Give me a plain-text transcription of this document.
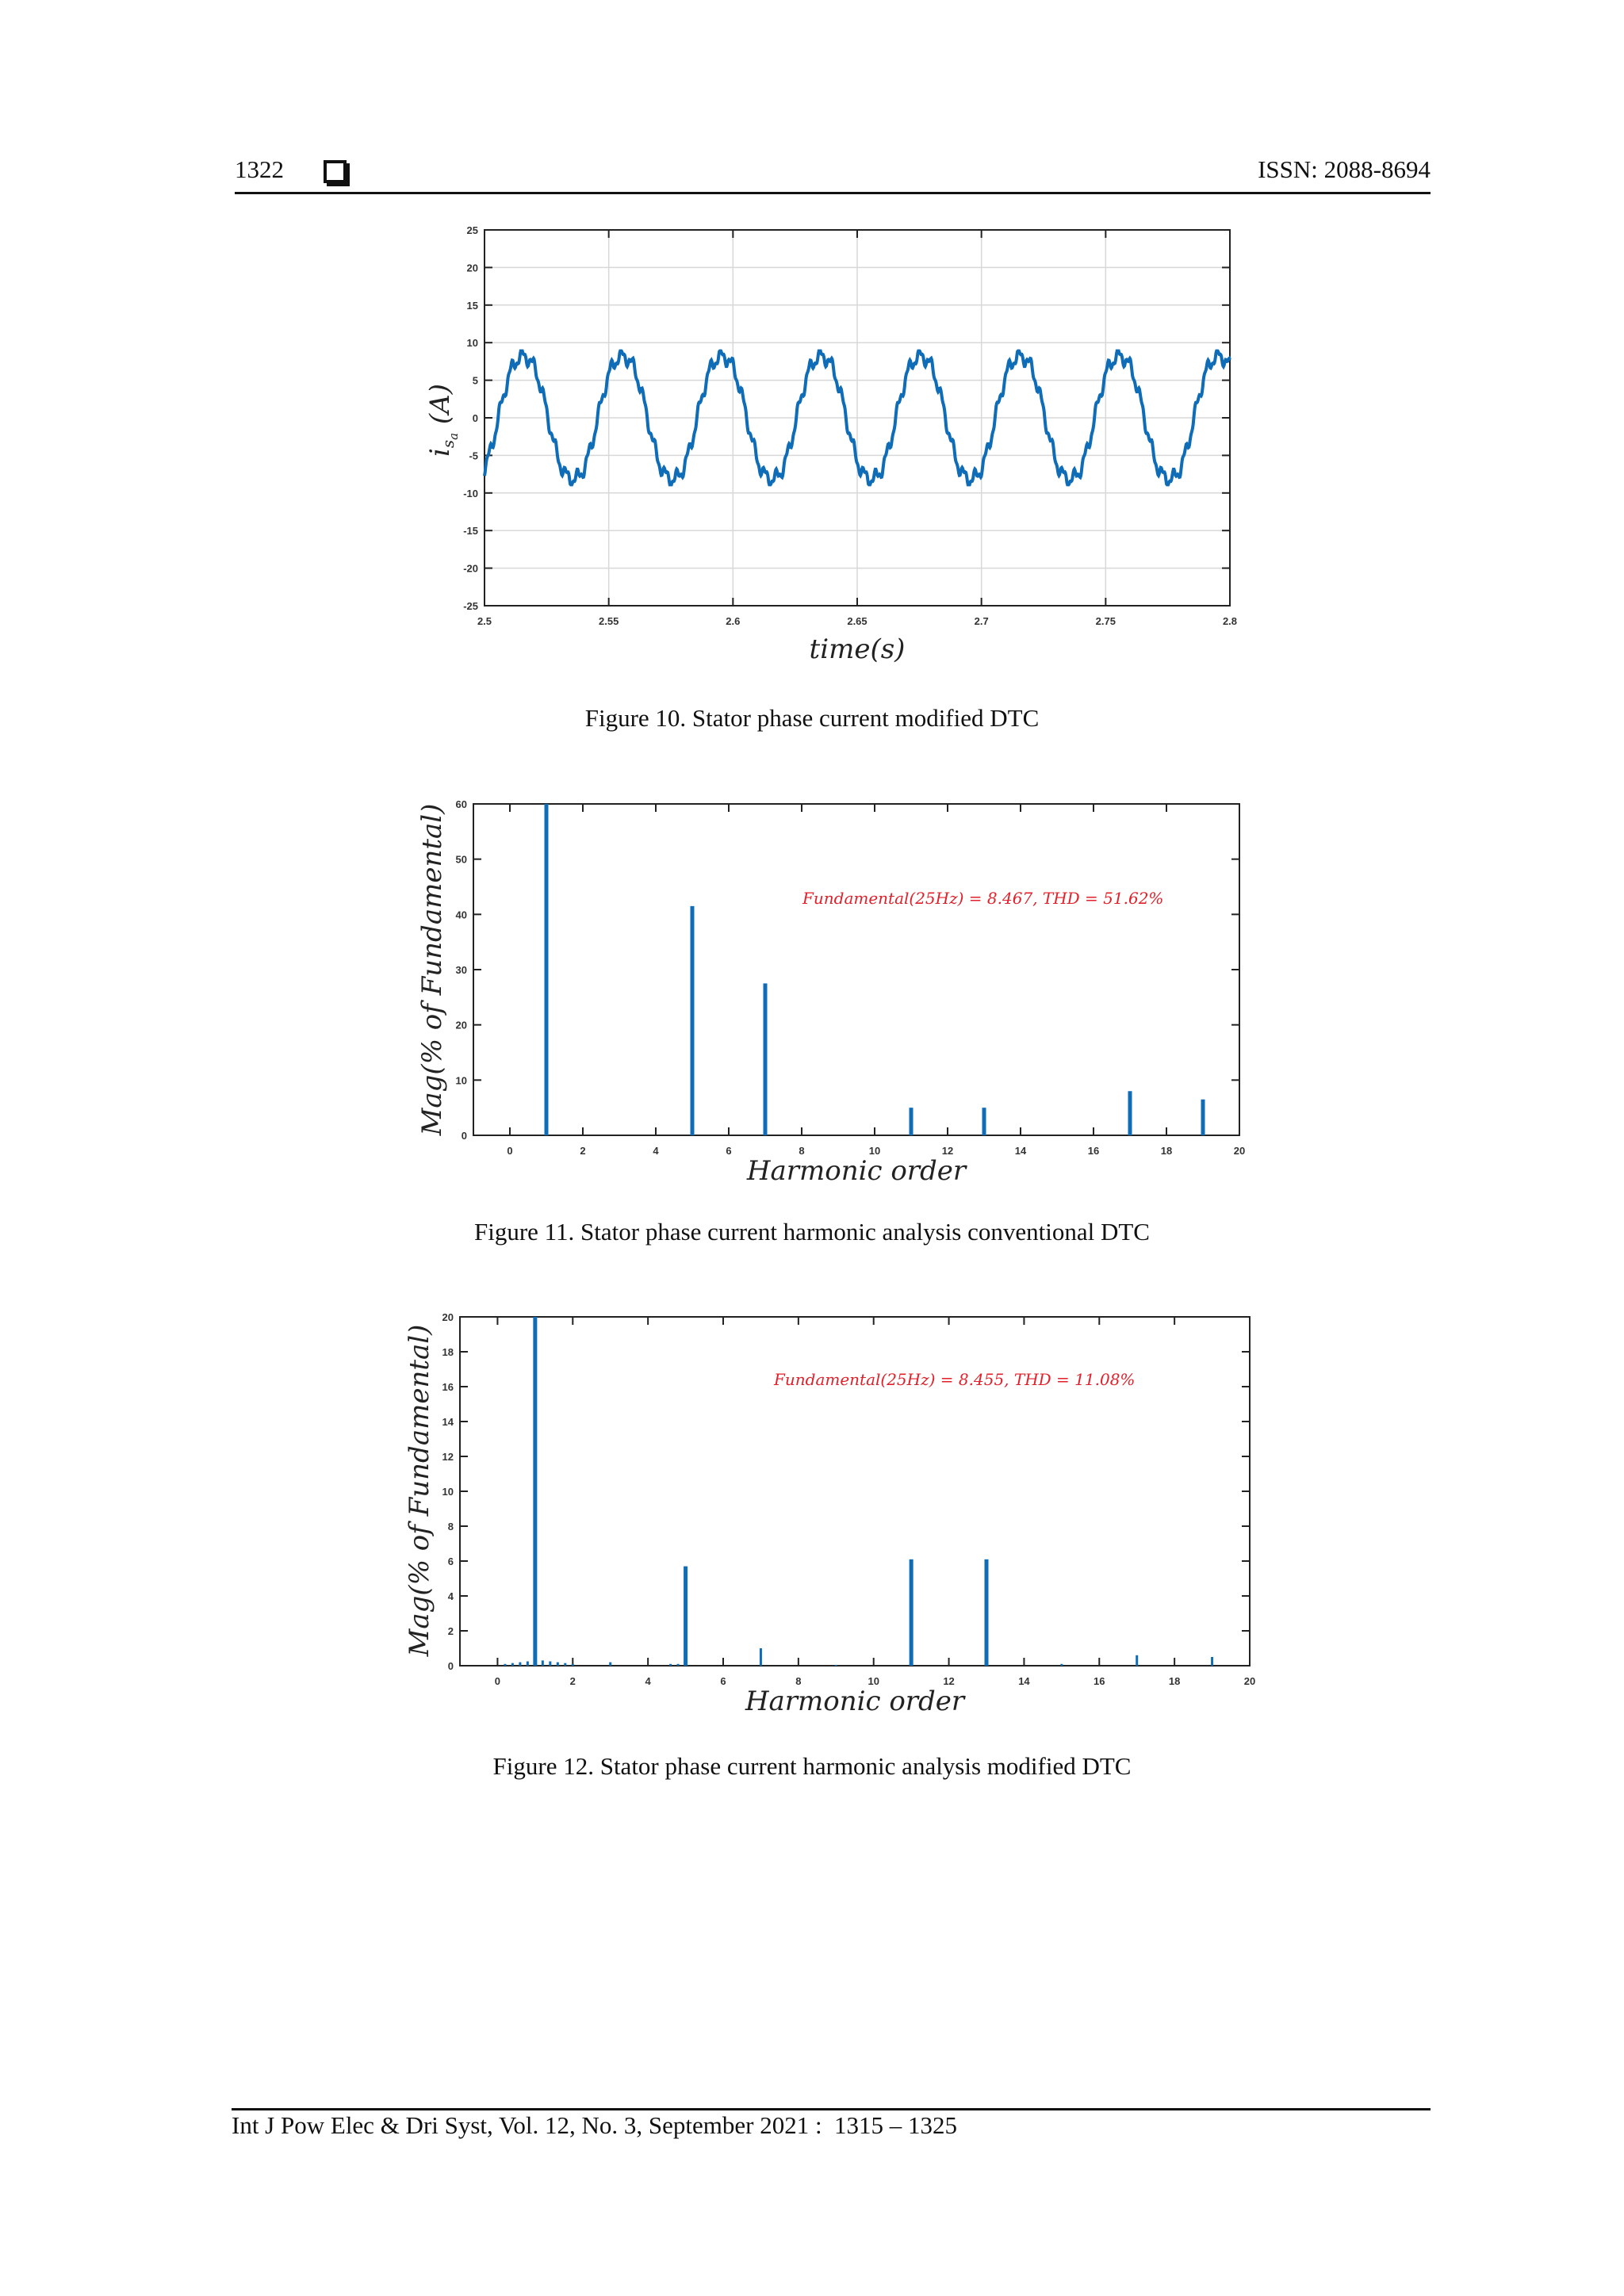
1322	ISSN: 2088-8694
2.5	2.55	2.6	2.65	2.7	2.75	2.8
25
20
15
10
5
0
-5
-10
-15
-20
-25
time(s)
isa (A)
0	2	4	6	8	10	12	14	16	18	20
60
50
40
30
20
10
0
Fundamental(25Hz) = 8.467, THD = 51.62%
Harmonic order
Mag(% of Fundamental)
0	2	4	6	8	10	12	14	16	18	20
20
18
16
14
12
10
8
6
4
2
0
Fundamental(25Hz) = 8.455, THD = 11.08%
Harmonic order
Mag(% of Fundamental)
Figure 10. Stator phase current modified DTC
Figure 11. Stator phase current harmonic analysis conventional DTC
Figure 12. Stator phase current harmonic analysis modified DTC
Int J Pow Elec & Dri Syst, Vol. 12, No. 3, September 2021 :  1315 – 1325
